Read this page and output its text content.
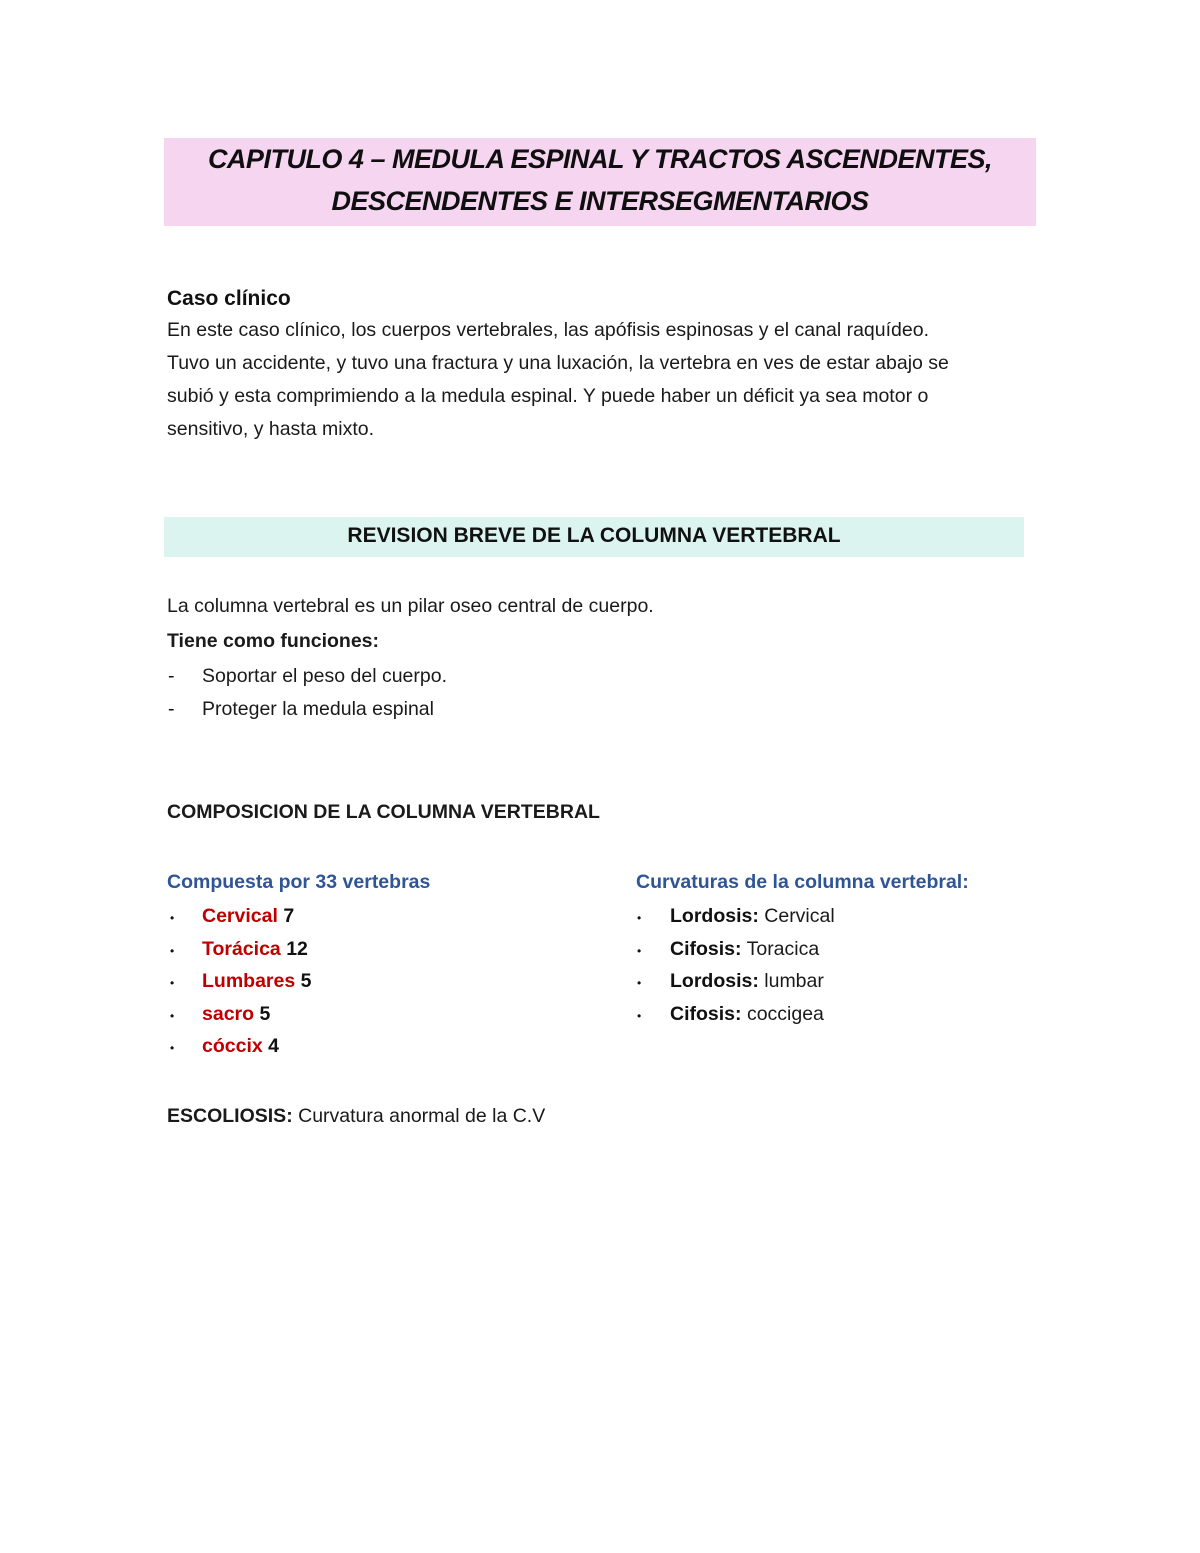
CAPITULO 4 – MEDULA ESPINAL Y TRACTOS ASCENDENTES,
DESCENDENTES E INTERSEGMENTARIOS
Caso clínico
En este caso clínico, los cuerpos vertebrales, las apófisis espinosas y el canal raquídeo.
Tuvo un accidente, y tuvo una fractura y una luxación, la vertebra en ves de estar abajo se
subió y esta comprimiendo a la medula espinal. Y puede haber un déficit ya sea motor o
sensitivo, y hasta mixto.
REVISION BREVE DE LA COLUMNA VERTEBRAL
La columna vertebral es un pilar oseo central de cuerpo.
Tiene como funciones:
- Soportar el peso del cuerpo.
- Proteger la medula espinal
COMPOSICION DE LA COLUMNA VERTEBRAL
Compuesta por 33 vertebras
• Cervical 7
• Torácica 12
• Lumbares 5
• sacro 5
• cóccix 4
Curvaturas de la columna vertebral:
• Lordosis: Cervical
• Cifosis: Toracica
• Lordosis: lumbar
• Cifosis: coccigea
ESCOLIOSIS: Curvatura anormal de la C.V
